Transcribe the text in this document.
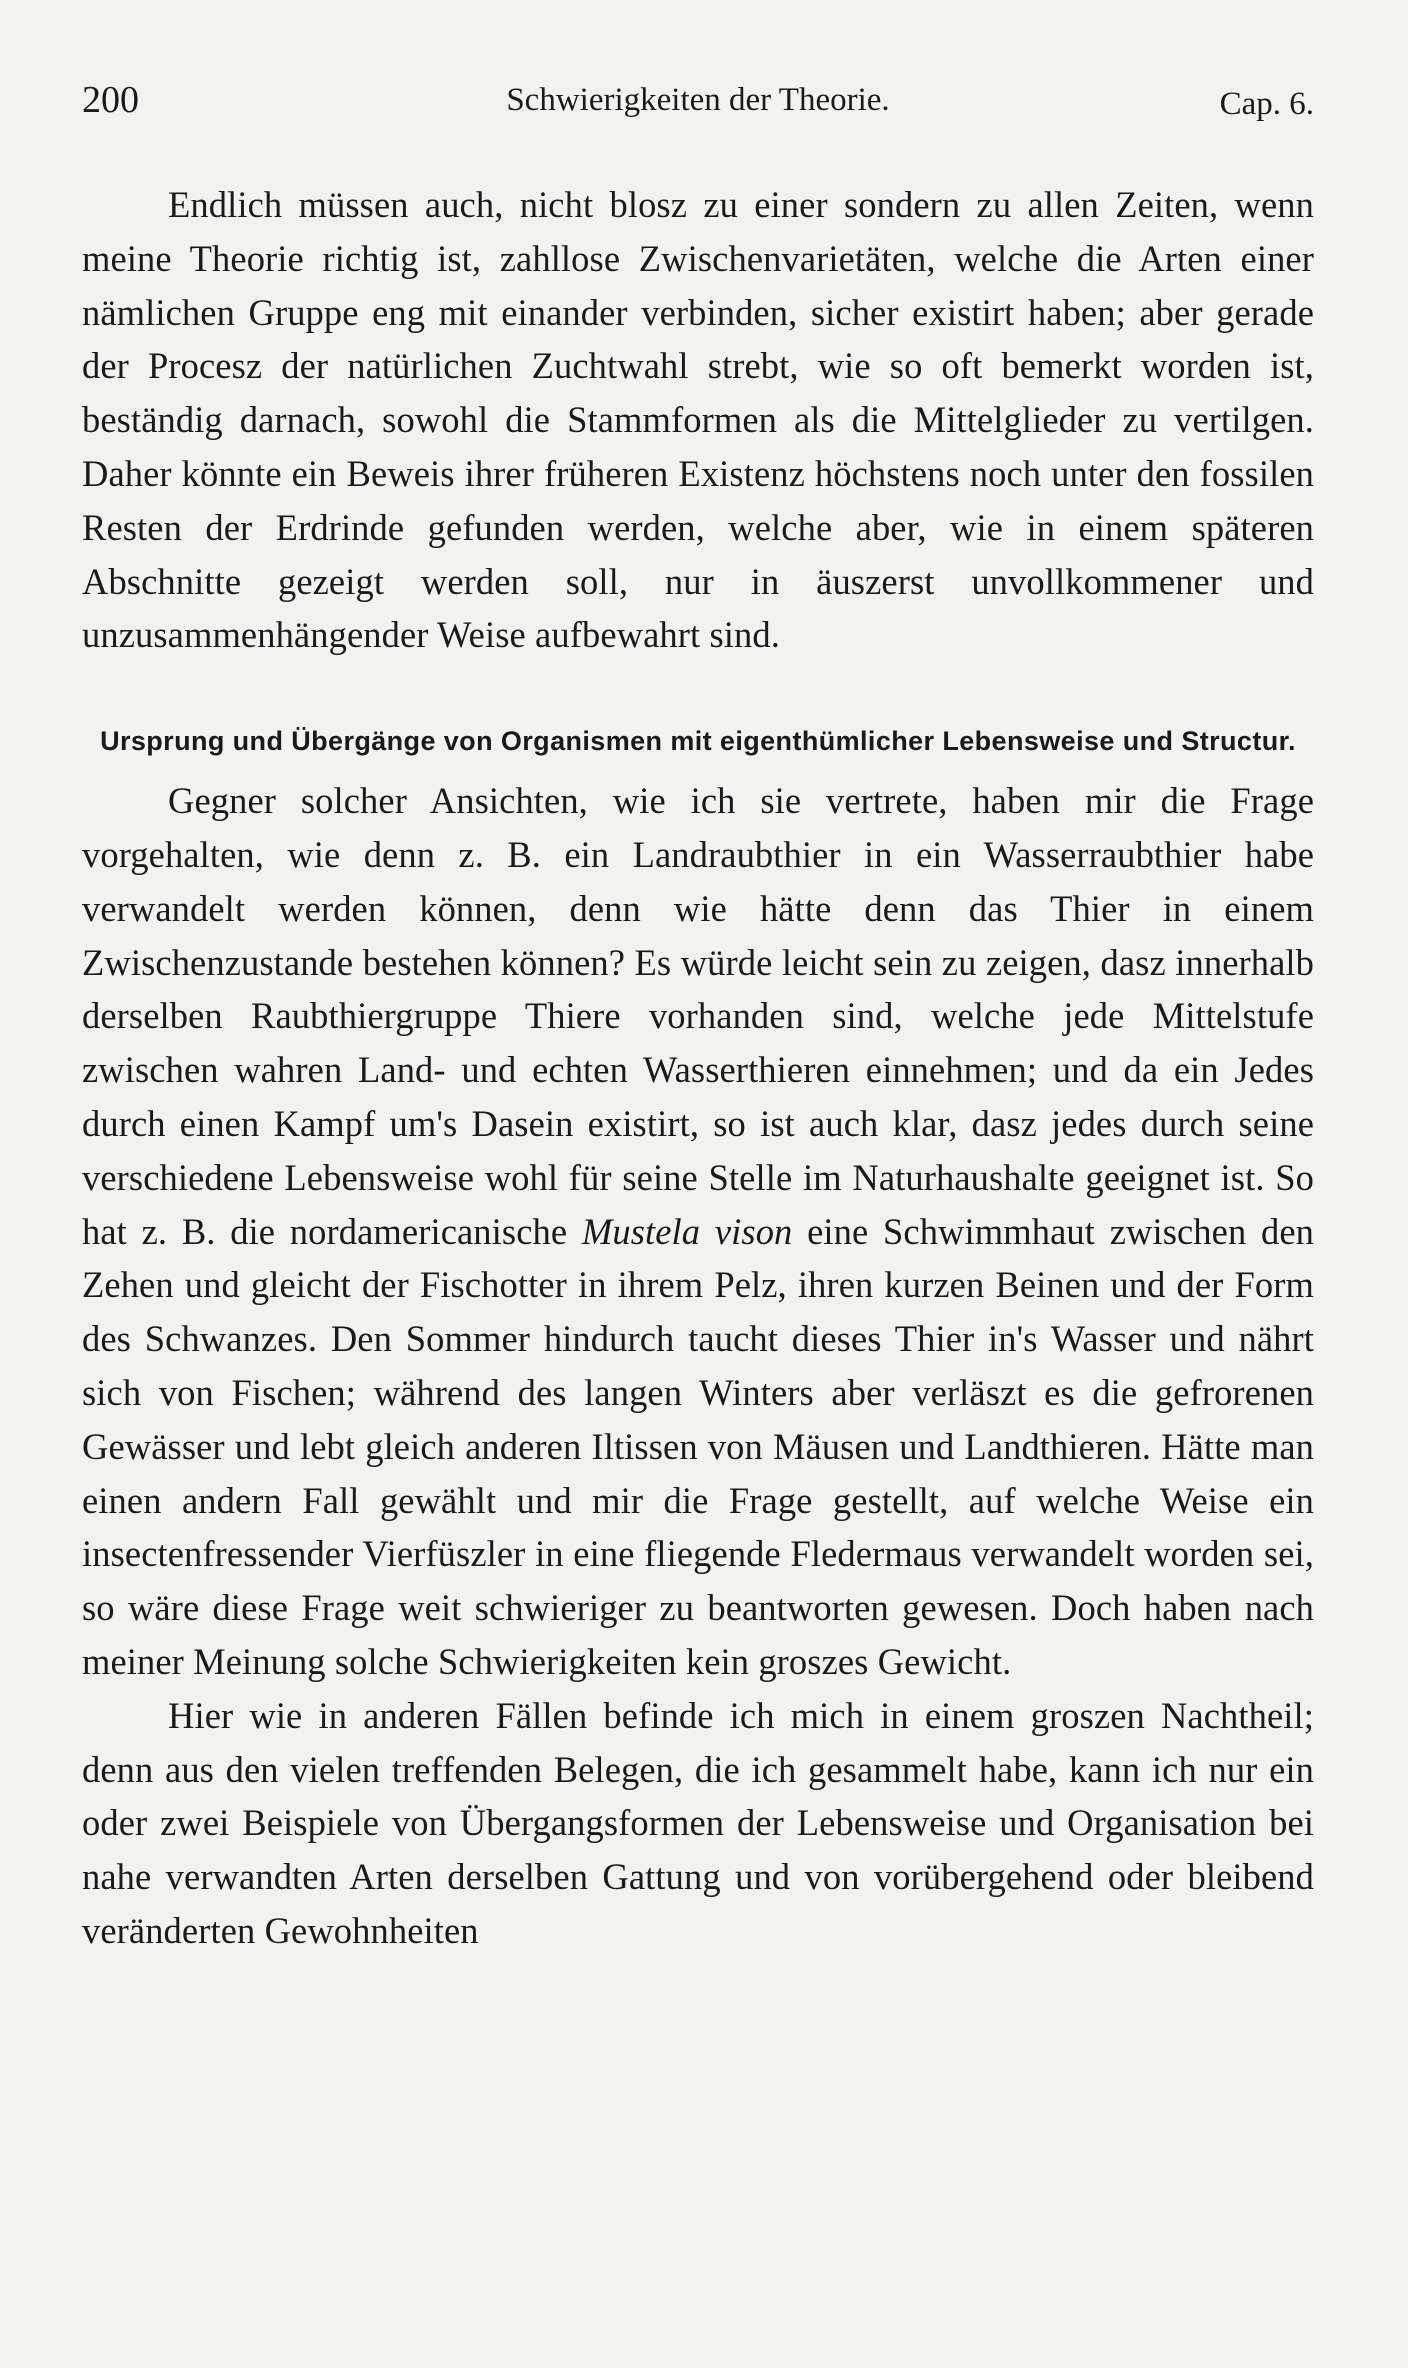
200	Schwierigkeiten der Theorie.	Cap. 6.

Endlich müssen auch, nicht blosz zu einer sondern zu allen Zeiten, wenn meine Theorie richtig ist, zahllose Zwischenvarietäten, welche die Arten einer nämlichen Gruppe eng mit einander verbinden, sicher existirt haben; aber gerade der Procesz der natürlichen Zuchtwahl strebt, wie so oft bemerkt worden ist, beständig darnach, sowohl die Stammformen als die Mittelglieder zu vertilgen. Daher könnte ein Beweis ihrer früheren Existenz höchstens noch unter den fossilen Resten der Erdrinde gefunden werden, welche aber, wie in einem späteren Abschnitte gezeigt werden soll, nur in äuszerst unvollkommener und unzusammenhängender Weise aufbewahrt sind.

Ursprung und Übergänge von Organismen mit eigenthümlicher Lebensweise und Structur.

Gegner solcher Ansichten, wie ich sie vertrete, haben mir die Frage vorgehalten, wie denn z. B. ein Landraubthier in ein Wasserraubthier habe verwandelt werden können, denn wie hätte denn das Thier in einem Zwischenzustande bestehen können? Es würde leicht sein zu zeigen, dasz innerhalb derselben Raubthiergruppe Thiere vorhanden sind, welche jede Mittelstufe zwischen wahren Land- und echten Wasserthieren einnehmen; und da ein Jedes durch einen Kampf um's Dasein existirt, so ist auch klar, dasz jedes durch seine verschiedene Lebensweise wohl für seine Stelle im Naturhaushalte geeignet ist. So hat z. B. die nordamericanische Mustela vison eine Schwimmhaut zwischen den Zehen und gleicht der Fischotter in ihrem Pelz, ihren kurzen Beinen und der Form des Schwanzes. Den Sommer hindurch taucht dieses Thier in's Wasser und nährt sich von Fischen; während des langen Winters aber verläszt es die gefrorenen Gewässer und lebt gleich anderen Iltissen von Mäusen und Landthieren. Hätte man einen andern Fall gewählt und mir die Frage gestellt, auf welche Weise ein insectenfressender Vierfüszler in eine fliegende Fledermaus verwandelt worden sei, so wäre diese Frage weit schwieriger zu beantworten gewesen. Doch haben nach meiner Meinung solche Schwierigkeiten kein groszes Gewicht.

Hier wie in anderen Fällen befinde ich mich in einem groszen Nachtheil; denn aus den vielen treffenden Belegen, die ich gesammelt habe, kann ich nur ein oder zwei Beispiele von Übergangsformen der Lebensweise und Organisation bei nahe verwandten Arten derselben Gattung und von vorübergehend oder bleibend veränderten Gewohnheiten
